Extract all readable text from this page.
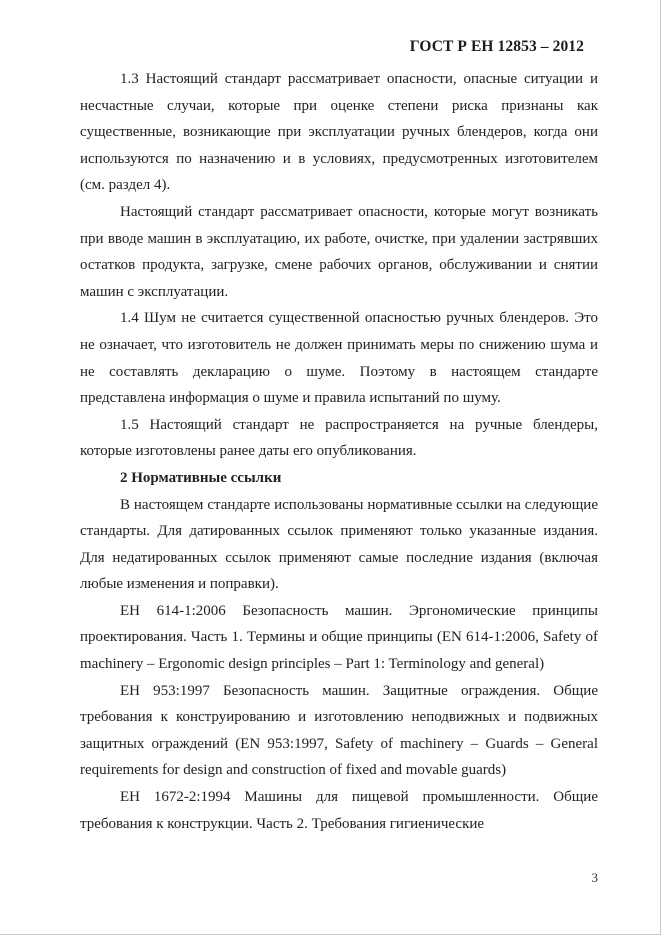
ГОСТ Р ЕН 12853 – 2012

1.3 Настоящий стандарт рассматривает опасности, опасные ситуации и несчастные случаи, которые при оценке степени риска признаны как существенные, возникающие при эксплуатации ручных блендеров, когда они используются по назначению и в условиях, предусмотренных изготовителем (см. раздел 4).

Настоящий стандарт рассматривает опасности, которые могут возникать при вводе машин в эксплуатацию, их работе, очистке, при удалении застрявших остатков продукта, загрузке, смене рабочих органов, обслуживании и снятии машин с эксплуатации.

1.4 Шум не считается существенной опасностью ручных блендеров. Это не означает, что изготовитель не должен принимать меры по снижению шума и не составлять декларацию о шуме. Поэтому в настоящем стандарте представлена информация о шуме и правила испытаний по шуму.

1.5 Настоящий стандарт не распространяется на ручные блендеры, которые изготовлены ранее даты его опубликования.

2 Нормативные ссылки

В настоящем стандарте использованы нормативные ссылки на следующие стандарты. Для датированных ссылок применяют только указанные издания. Для недатированных ссылок применяют самые последние издания (включая любые изменения и поправки).

ЕН 614-1:2006 Безопасность машин. Эргономические принципы проектирования. Часть 1. Термины и общие принципы (EN 614-1:2006, Safety of machinery – Ergonomic design principles – Part 1: Terminology and general)

ЕН 953:1997 Безопасность машин. Защитные ограждения. Общие требования к конструированию и изготовлению неподвижных и подвижных защитных ограждений (EN 953:1997, Safety of machinery – Guards – General requirements for design and construction of fixed and movable guards)

ЕН 1672-2:1994 Машины для пищевой промышленности. Общие требования к конструкции. Часть 2. Требования гигиенические

3
